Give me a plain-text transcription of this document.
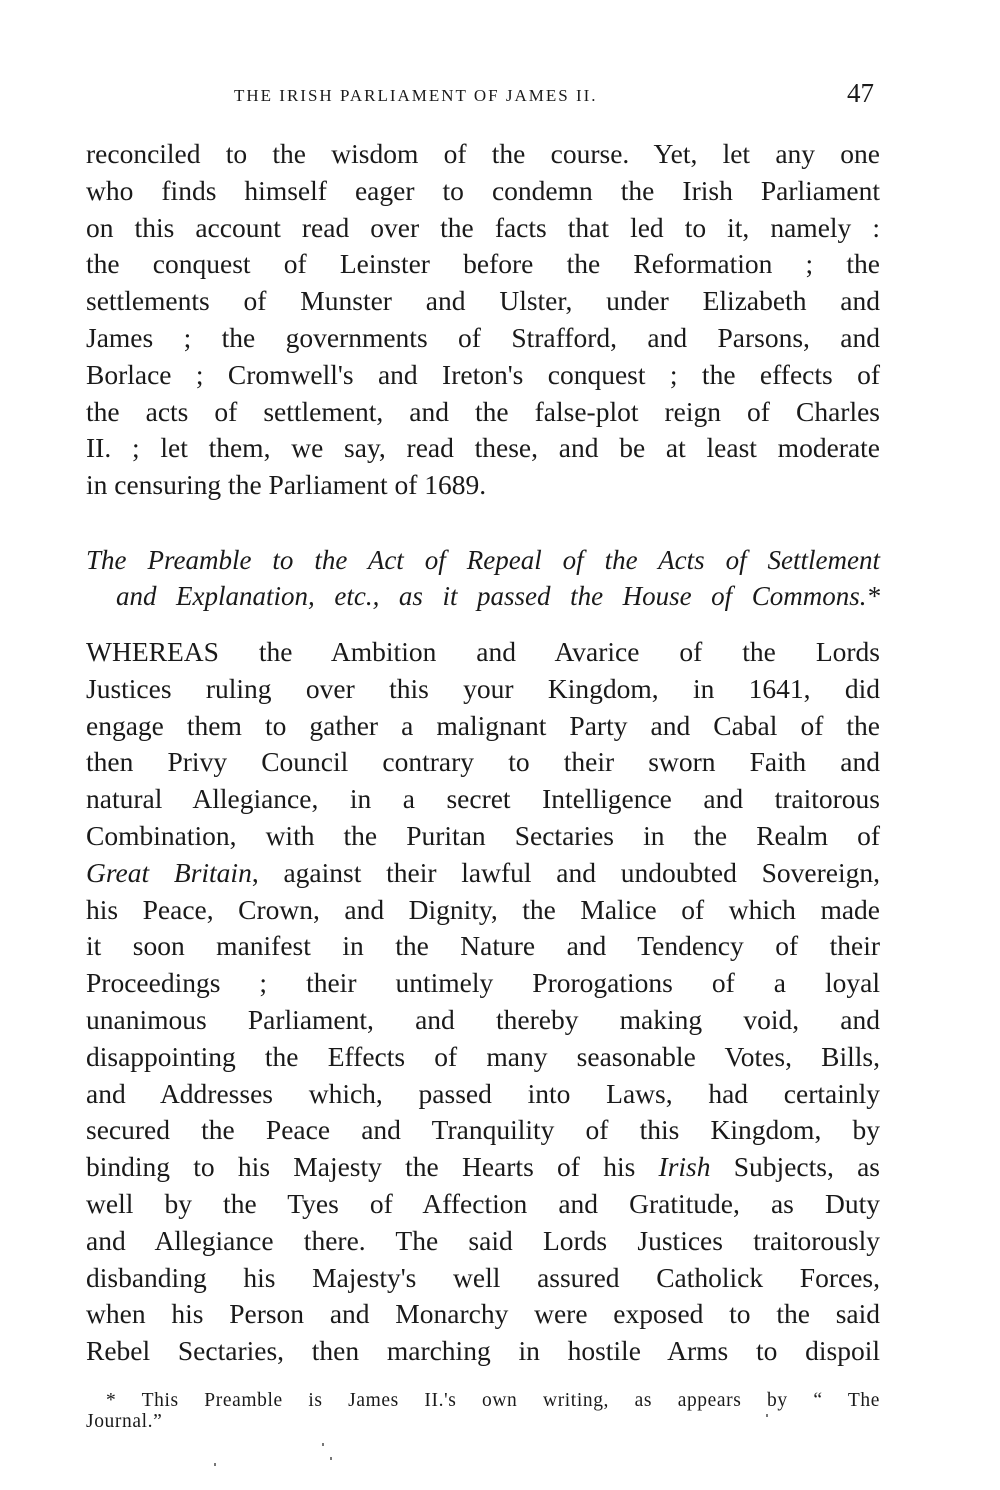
THE IRISH PARLIAMENT OF JAMES II.	47
reconciled to the wisdom of the course. Yet, let any one
who finds himself eager to condemn the Irish Parliament
on this account read over the facts that led to it, namely :
the conquest of Leinster before the Reformation ; the
settlements of Munster and Ulster, under Elizabeth and
James ; the governments of Strafford, and Parsons, and
Borlace ; Cromwell's and Ireton's conquest ; the effects of
the acts of settlement, and the false-plot reign of Charles
II. ; let them, we say, read these, and be at least moderate
in censuring the Parliament of 1689.
The Preamble to the Act of Repeal of the Acts of Settlement
and Explanation, etc., as it passed the House of Commons.*
WHEREAS the Ambition and Avarice of the Lords
Justices ruling over this your Kingdom, in 1641, did
engage them to gather a malignant Party and Cabal of the
then Privy Council contrary to their sworn Faith and
natural Allegiance, in a secret Intelligence and traitorous
Combination, with the Puritan Sectaries in the Realm of
Great Britain, against their lawful and undoubted Sovereign,
his Peace, Crown, and Dignity, the Malice of which made
it soon manifest in the Nature and Tendency of their
Proceedings ; their untimely Prorogations of a loyal
unanimous Parliament, and thereby making void, and
disappointing the Effects of many seasonable Votes, Bills,
and Addresses which, passed into Laws, had certainly
secured the Peace and Tranquility of this Kingdom, by
binding to his Majesty the Hearts of his Irish Subjects, as
well by the Tyes of Affection and Gratitude, as Duty
and Allegiance there. The said Lords Justices traitorously
disbanding his Majesty's well assured Catholick Forces,
when his Person and Monarchy were exposed to the said
Rebel Sectaries, then marching in hostile Arms to dispoil
* This Preamble is James II.'s own writing, as appears by “ The
Journal.”
